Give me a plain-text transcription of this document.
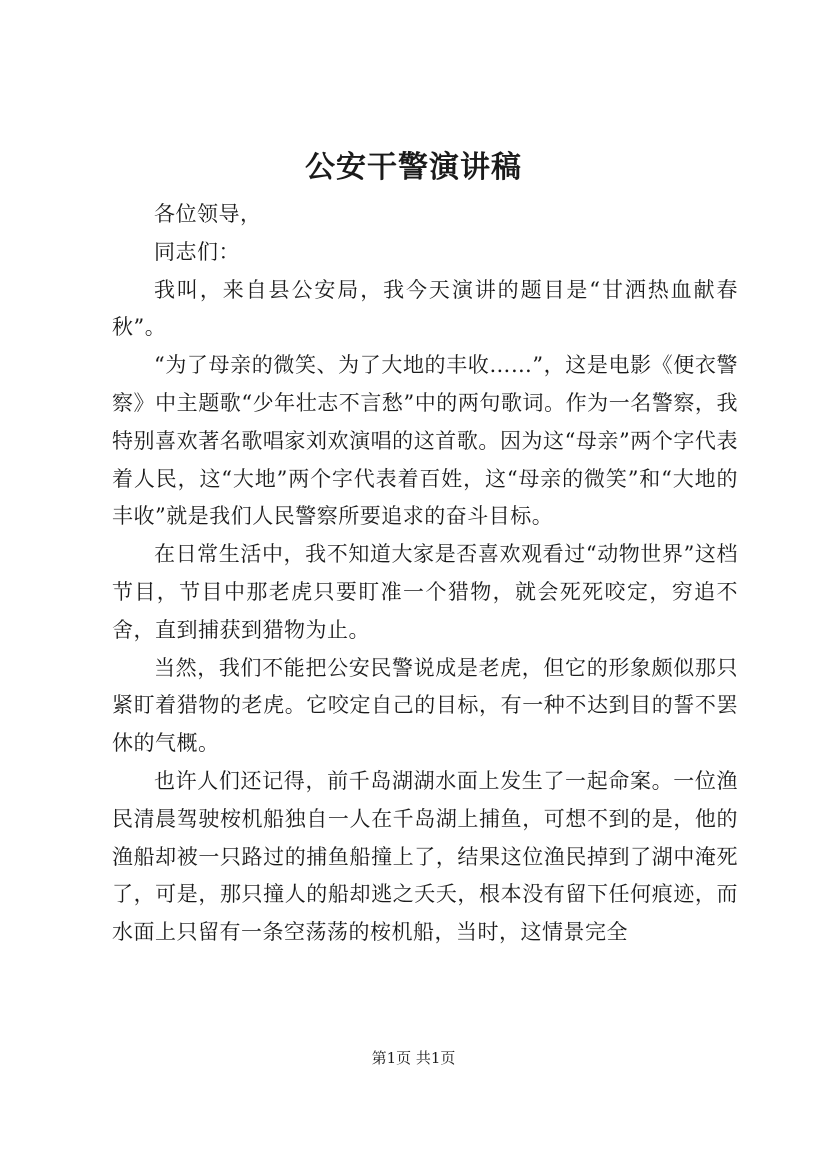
公安干警演讲稿

各位领导，

同志们：

我叫，来自县公安局，我今天演讲的题目是“甘洒热血献春秋”。

“为了母亲的微笑、为了大地的丰收……”，这是电影《便衣警察》中主题歌“少年壮志不言愁”中的两句歌词。作为一名警察，我特别喜欢著名歌唱家刘欢演唱的这首歌。因为这“母亲”两个字代表着人民，这“大地”两个字代表着百姓，这“母亲的微笑”和“大地的丰收”就是我们人民警察所要追求的奋斗目标。

在日常生活中，我不知道大家是否喜欢观看过“动物世界”这档节目，节目中那老虎只要盯准一个猎物，就会死死咬定，穷追不舍，直到捕获到猎物为止。

当然，我们不能把公安民警说成是老虎，但它的形象颇似那只紧盯着猎物的老虎。它咬定自己的目标，有一种不达到目的誓不罢休的气概。

也许人们还记得，前千岛湖湖水面上发生了一起命案。一位渔民清晨驾驶桉机船独自一人在千岛湖上捕鱼，可想不到的是，他的渔船却被一只路过的捕鱼船撞上了，结果这位渔民掉到了湖中淹死了，可是，那只撞人的船却逃之夭夭，根本没有留下任何痕迹，而水面上只留有一条空荡荡的桉机船，当时，这情景完全

第1页 共1页
